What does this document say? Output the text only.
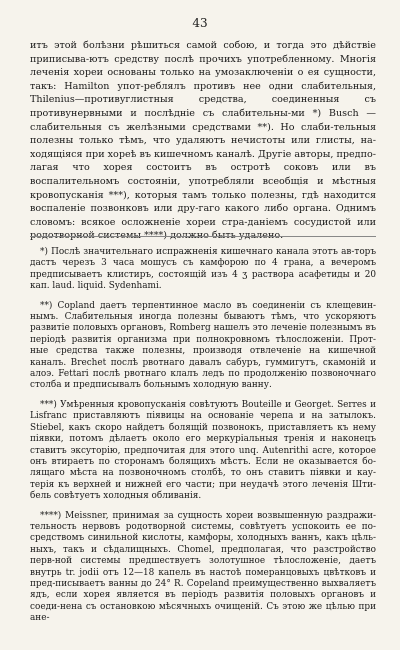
43

итъ этой болѣзни рѣшиться самой собою, и тогда это дѣйствіе приписыва-ютъ средству послѣ прочихъ употребленному. Многія леченія хореи основаны только на умозаключеніи о ея сущности, такъ: Hamilton упот-реблялъ противъ нее одни слабительныя, Thilenius—противуглистныя средства, соединенныя съ противунервными и послѣдніе съ слабительны-ми *) Busch — слабительныя съ желѣзными средствами **). Но слаби-тельныя полезны только тѣмъ, что удаляютъ нечистоты или глисты, на-ходящіяся при хореѣ въ кишечномъ каналѣ. Другіе авторы, предпо-лагая что хорея состоитъ въ остротѣ соковъ или въ воспалительномъ состояніи, употребляли всеобщія и мѣстныя кровопусканія ***), которыя тамъ только полезны, гдѣ находится воспаленіе позвонковъ или дру-гаго какого либо органа. Однимъ словомъ: всякое осложненіе хореи стра-даніемъ сосудистой или родотворной системы ****) должно быть удалено.

*) Послѣ значительнаго испражненія кишечнаго канала этотъ ав-торъ дастъ черезъ 3 часа мошусъ съ камфорою по 4 грана, а вечеромъ предписываетъ клистиръ, состоящій изъ 4 ʒ раствора асафетиды и 20 кап. laud. liquid. Sydenhami.

**) Copland даетъ терпентинное масло въ соединеніи съ клещевин-нымъ. Слабительныя иногда полезны бываютъ тѣмъ, что ускоряютъ развитіе половыхъ органовъ, Romberg нашелъ это леченіе полезнымъ въ періодѣ развитія организма при полнокровномъ тѣлосложеніи. Прот-ные средства также полезны, производя отвлеченіе на кишечной каналъ. Brechet послѣ рвотнаго давалъ сабуръ, гуммигутъ, скамоній и алоэ. Fettari послѣ рвотнаго клалъ ледъ по продолженію позвоночнаго столба и предписывалъ больнымъ холодную ванну.

***) Умѣренныя кровопусканія совѣтуютъ Bouteille и Georget. Serres и Lisfranc приставляютъ піявицы на основаніе черепа и на затылокъ. Stiebel, какъ скоро найдетъ болящій позвонокъ, приставляетъ къ нему піявки, потомъ дѣлаетъ около его меркуріальныя тренія и наконецъ ставитъ эксуторію, предпочитая для этого unq. Autenrithi acre, которое онъ втираетъ по сторонамъ болящихъ мѣстъ. Если не оказывается бо-лящаго мѣста на позвоночномъ столбѣ, то онъ ставитъ піявки и кау-терія къ верхней и нижней его части; при неудачѣ этого леченія Шти-бель совѣтуетъ холодныя обливанія.

****) Meissner, принимая за сущность хореи возвышенную раздражи-тельность нервовъ родотворной системы, совѣтуетъ успокоить ее по-средствомъ синильной кислоты, камфоры, холодныхъ ваннъ, какъ цѣль-ныхъ, такъ и сѣдалищныхъ. Chomel, предполагая, что разстройство перв-ной системы предшествуетъ золотушное тѣлосложеніе, даетъ внутрь tr. jodii отъ 12—18 капель въ настоѣ померанцовыхъ цвѣтковъ и пред-писываетъ ванны до 24° R. Copeland преимущественно выхваляетъ ядъ, если хорея является въ періодъ развитія половыхъ органовъ и соеди-нена съ остановкою мѣсячныхъ очищеній. Съ этою же цѣлью при ане-
